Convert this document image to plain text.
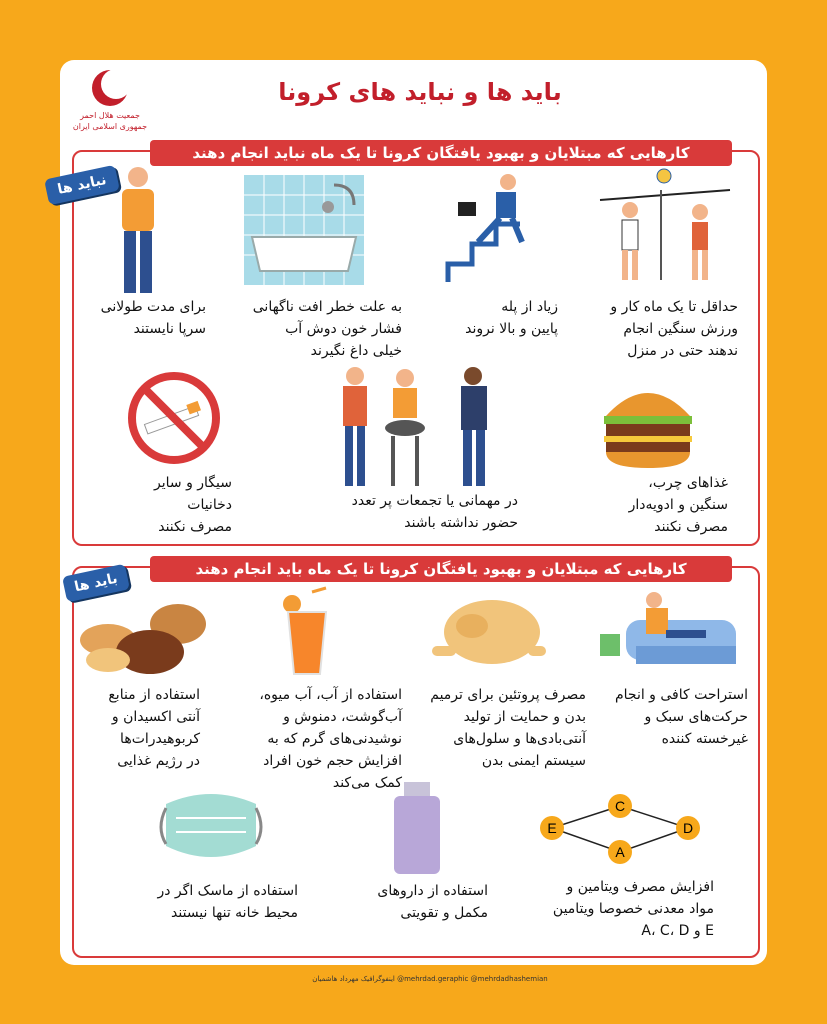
جمعیت هلال احمر
جمهوری اسلامی ایران
باید ها و نباید های کرونا
کارهایی که مبتلایان و بهبود یافتگان کرونا تا یک ماه نباید انجام دهند
نباید ها
حداقل تا یک ماه کار و
ورزش سنگین انجام
ندهند حتی در منزل
زیاد از پله
پایین و بالا نروند
به علت خطر افت ناگهانی
فشار خون دوش آب
خیلی داغ نگیرند
برای مدت طولانی
سرپا نایستند
غذاهای چرب،
سنگین و ادویه‌دار
مصرف نکنند
در مهمانی یا تجمعات پر تعدد
حضور نداشته باشند
سیگار و سایر
دخانیات
مصرف نکنند
کارهایی که مبتلایان و بهبود یافتگان کرونا تا یک ماه باید انجام دهند
باید ها
استراحت کافی و انجام
حرکت‌های سبک و
غیرخسته کننده
مصرف پروتئین برای ترمیم
بدن و حمایت از تولید
آنتی‌بادی‌ها و سلول‌های
سیستم ایمنی بدن
استفاده از آب، آب میوه،
آب‌گوشت، دمنوش و
نوشیدنی‌های گرم که به
افزایش حجم خون افراد
کمک می‌کند
استفاده از منابع
آنتی اکسیدان و
کربوهیدرات‌ها
در رژیم غذایی
C
E	D
A
افزایش مصرف ویتامین و
مواد معدنی خصوصا ویتامین
E و A، C، D
استفاده از داروهای
مکمل و تقویتی
استفاده از ماسک اگر در
محیط خانه تنها نیستند
اینفوگرافیک مهرداد هاشمیان @mehrdad.geraphic @mehrdadhashemian
